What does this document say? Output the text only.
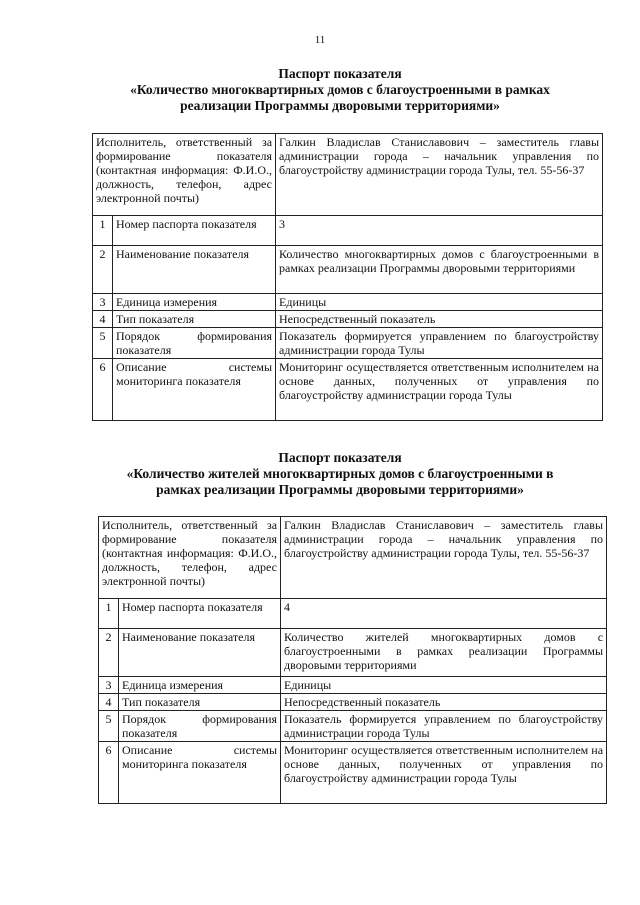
11
Паспорт показателя
«Количество многоквартирных домов с благоустроенными в рамках
реализации Программы дворовыми территориями»
Исполнитель, ответственный за формирование показателя (контактная информация: Ф.И.О., должность, телефон, адрес электронной почты)		Галкин Владислав Станиславович – заместитель главы администрации города – начальник управления по благоустройству администрации города Тулы, тел. 55-56-37
1	Номер паспорта показателя	3
2	Наименование показателя	Количество многоквартирных домов с благоустроенными в рамках реализации Программы дворовыми территориями
3	Единица измерения	Единицы
4	Тип показателя	Непосредственный показатель
5	Порядок формирования показателя	Показатель формируется управлением по благоустройству администрации города Тулы
6	Описание системы мониторинга показателя	Мониторинг осуществляется ответственным исполнителем на основе данных, полученных от управления по благоустройству администрации города Тулы
Паспорт показателя
«Количество жителей многоквартирных домов с благоустроенными в
рамках реализации Программы дворовыми территориями»
Исполнитель, ответственный за формирование показателя (контактная информация: Ф.И.О., должность, телефон, адрес электронной почты)		Галкин Владислав Станиславович – заместитель главы администрации города – начальник управления по благоустройству администрации города Тулы, тел. 55-56-37
1	Номер паспорта показателя	4
2	Наименование показателя	Количество жителей многоквартирных домов с благоустроенными в рамках реализации Программы дворовыми территориями
3	Единица измерения	Единицы
4	Тип показателя	Непосредственный показатель
5	Порядок формирования показателя	Показатель формируется управлением по благоустройству администрации города Тулы
6	Описание системы мониторинга показателя	Мониторинг осуществляется ответственным исполнителем на основе данных, полученных от управления по благоустройству администрации города Тулы
